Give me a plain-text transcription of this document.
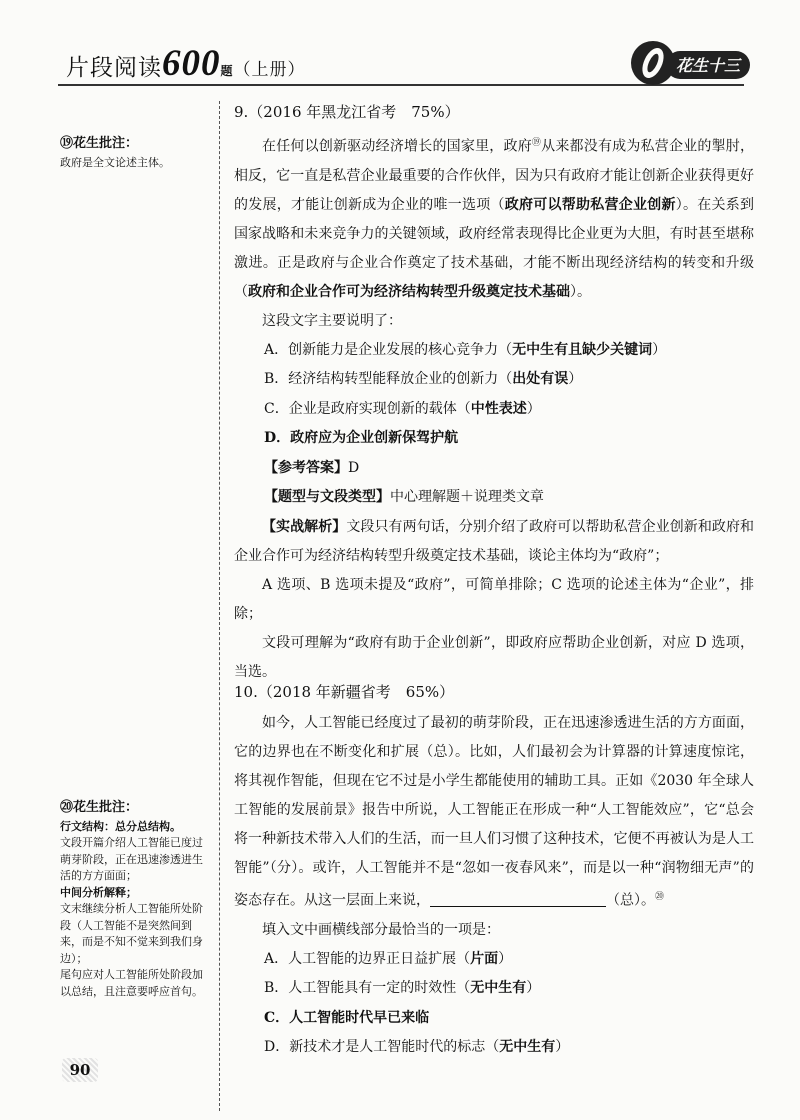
片段阅读600题（上册）	花生十三
⑲花生批注：
政府是全文论述主体。
⑳花生批注：
行文结构：总分总结构。
文段开篇介绍人工智能已度过萌芽阶段，正在迅速渗透进生活的方方面面；
中间分析解释；
文末继续分析人工智能所处阶段（人工智能不是突然间到来，而是不知不觉来到我们身边）；
尾句应对人工智能所处阶段加以总结，且注意要呼应首句。
9.（2016 年黑龙江省考　75%）

在任何以创新驱动经济增长的国家里，政府⑲从来都没有成为私营企业的掣肘，相反，它一直是私营企业最重要的合作伙伴，因为只有政府才能让创新企业获得更好的发展，才能让创新成为企业的唯一选项（政府可以帮助私营企业创新）。在关系到国家战略和未来竞争力的关键领域，政府经常表现得比企业更为大胆，有时甚至堪称激进。正是政府与企业合作奠定了技术基础，才能不断出现经济结构的转变和升级（政府和企业合作可为经济结构转型升级奠定技术基础）。

这段文字主要说明了：

A．创新能力是企业发展的核心竞争力（无中生有且缺少关键词）

B．经济结构转型能释放企业的创新力（出处有误）

C．企业是政府实现创新的载体（中性表述）

D．政府应为企业创新保驾护航

【参考答案】D

【题型与文段类型】中心理解题＋说理类文章

【实战解析】文段只有两句话，分别介绍了政府可以帮助私营企业创新和政府和企业合作可为经济结构转型升级奠定技术基础，谈论主体均为“政府”；

A 选项、B 选项未提及“政府”，可简单排除；C 选项的论述主体为“企业”，排除；

文段可理解为“政府有助于企业创新”，即政府应帮助企业创新，对应 D 选项，当选。

10.（2018 年新疆省考　65%）

如今，人工智能已经度过了最初的萌芽阶段，正在迅速渗透进生活的方方面面，它的边界也在不断变化和扩展（总）。比如，人们最初会为计算器的计算速度惊诧，将其视作智能，但现在它不过是小学生都能使用的辅助工具。正如《2030 年全球人工智能的发展前景》报告中所说，人工智能正在形成一种“人工智能效应”，它“总会将一种新技术带入人们的生活，而一旦人们习惯了这种技术，它便不再被认为是人工智能”（分）。或许，人工智能并不是“忽如一夜春风来”，而是以一种“润物细无声”的姿态存在。从这一层面上来说，	（总）。⑳

填入文中画横线部分最恰当的一项是：

A．人工智能的边界正日益扩展（片面）

B．人工智能具有一定的时效性（无中生有）

C．人工智能时代早已来临

D．新技术才是人工智能时代的标志（无中生有）

90
